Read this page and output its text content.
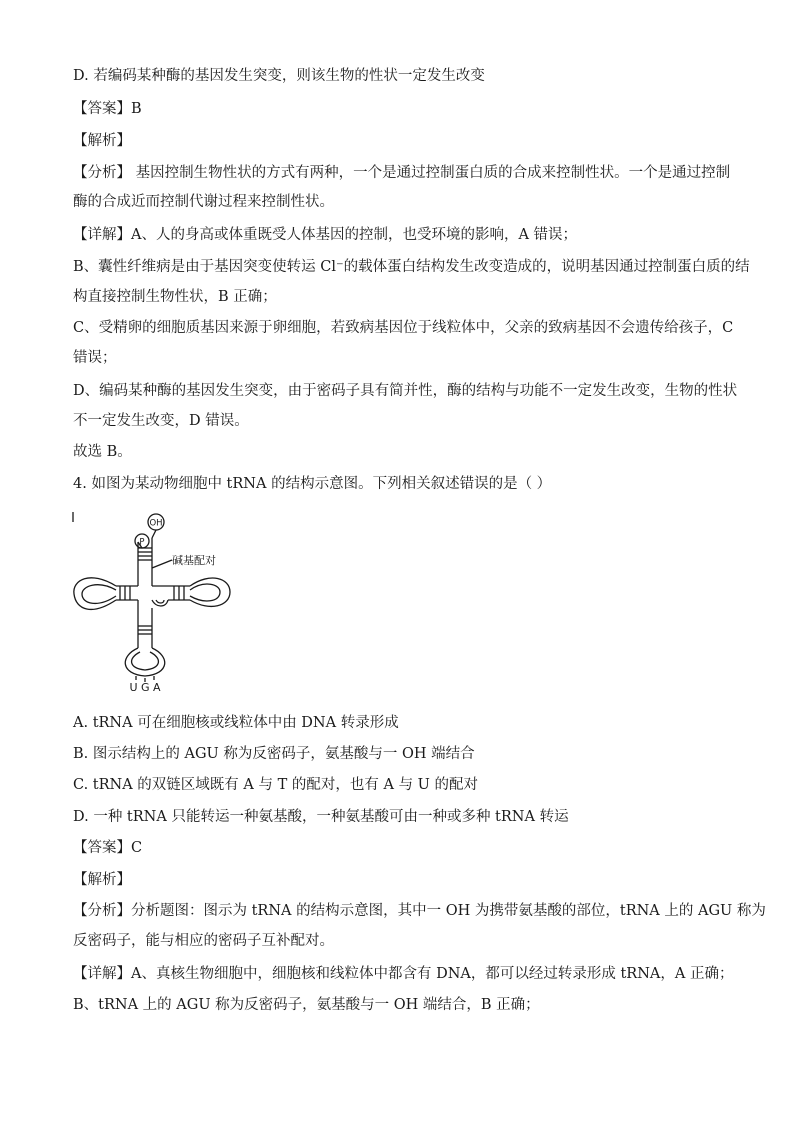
D. 若编码某种酶的基因发生突变，则该生物的性状一定发生改变
【答案】B
【解析】
【分析】 基因控制生物性状的方式有两种，一个是通过控制蛋白质的合成来控制性状。一个是通过控制
酶的合成近而控制代谢过程来控制性状。
【详解】A、人的身高或体重既受人体基因的控制，也受环境的影响，A 错误；
B、囊性纤维病是由于基因突变使转运 Cl⁻的载体蛋白结构发生改变造成的，说明基因通过控制蛋白质的结
构直接控制生物性状，B 正确；
C、受精卵的细胞质基因来源于卵细胞，若致病基因位于线粒体中，父亲的致病基因不会遗传给孩子，C
错误；
D、编码某种酶的基因发生突变，由于密码子具有简并性，酶的结构与功能不一定发生改变，生物的性状
不一定发生改变，D 错误。
故选 B。
4. 如图为某动物细胞中 tRNA 的结构示意图。下列相关叙述错误的是（ ）
OH
P
碱基配对
U G A
A. tRNA 可在细胞核或线粒体中由 DNA 转录形成
B. 图示结构上的 AGU 称为反密码子，氨基酸与一 OH 端结合
C. tRNA 的双链区域既有 A 与 T 的配对，也有 A 与 U 的配对
D. 一种 tRNA 只能转运一种氨基酸，一种氨基酸可由一种或多种 tRNA 转运
【答案】C
【解析】
【分析】分析题图：图示为 tRNA 的结构示意图，其中一 OH 为携带氨基酸的部位，tRNA 上的 AGU 称为
反密码子，能与相应的密码子互补配对。
【详解】A、真核生物细胞中，细胞核和线粒体中都含有 DNA，都可以经过转录形成 tRNA，A 正确；
B、tRNA 上的 AGU 称为反密码子，氨基酸与一 OH 端结合，B 正确；
